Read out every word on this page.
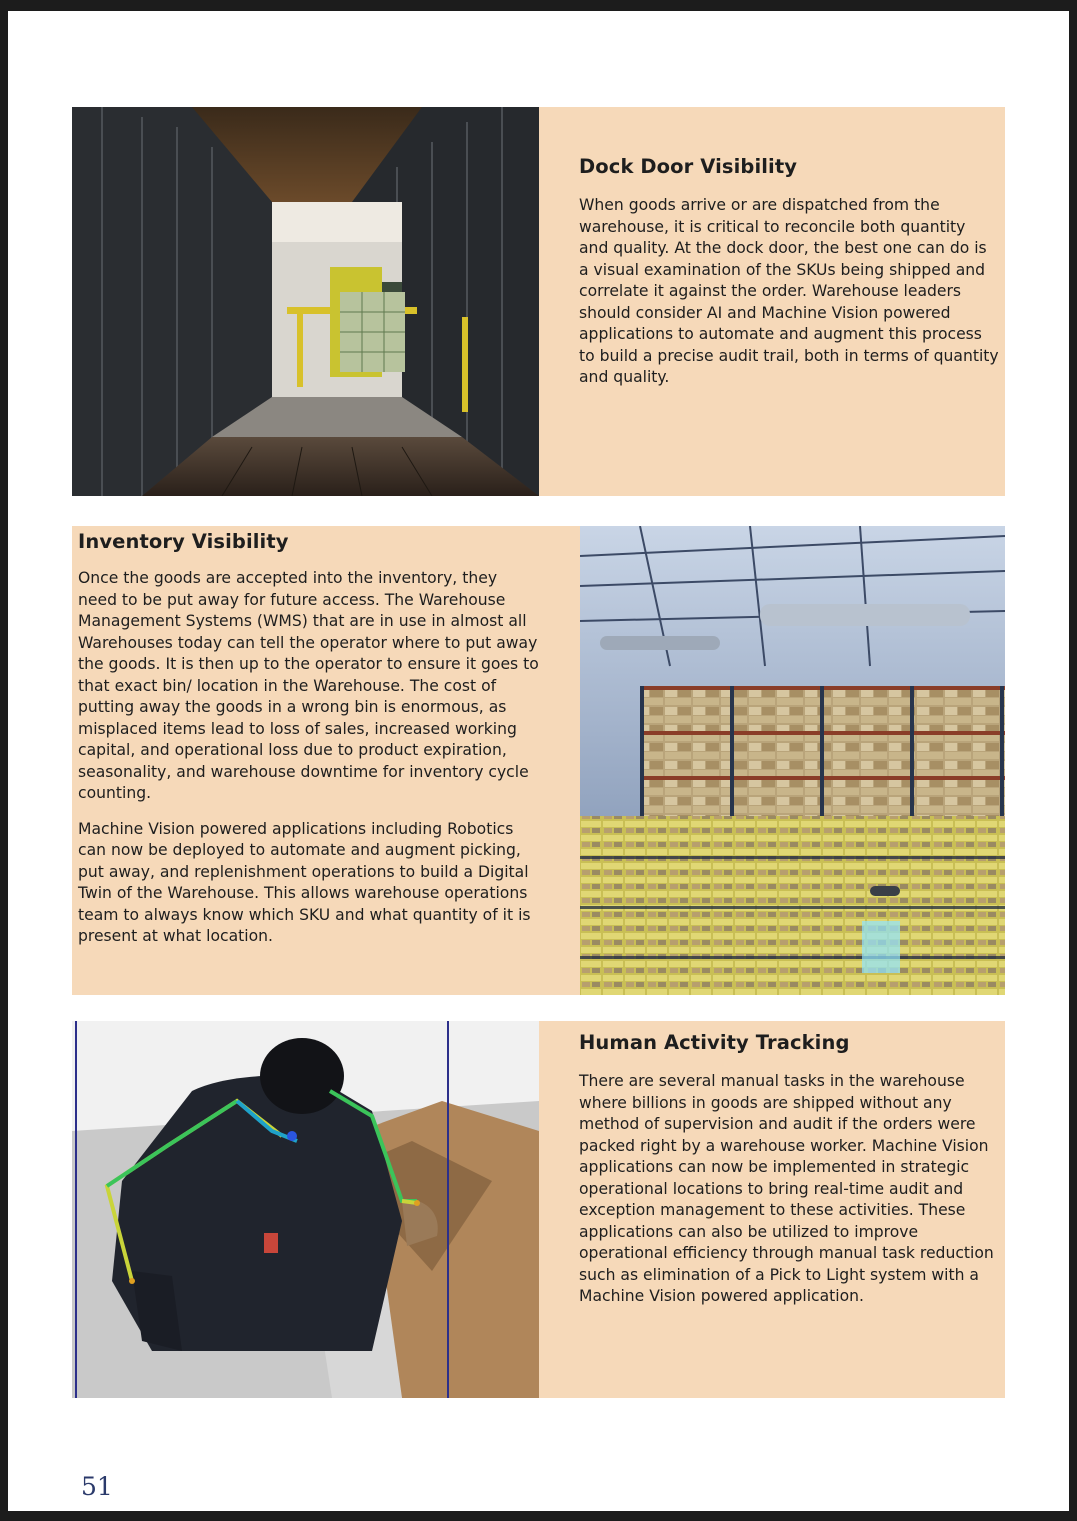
Dock Door Visibility

When goods arrive or are dispatched from the warehouse, it is critical to reconcile both quantity and quality. At the dock door, the best one can do is a visual examination of the SKUs being shipped and correlate it against the order. Warehouse leaders should consider AI and Machine Vision powered applications to automate and augment this process to build a precise audit trail, both in terms of quantity and quality.

Inventory Visibility

Once the goods are accepted into the inventory, they need to be put away for future access. The Warehouse Management Systems (WMS) that are in use in almost all Warehouses today can tell the operator where to put away the goods. It is then up to the operator to ensure it goes to that exact bin/ location in the Warehouse. The cost of putting away the goods in a wrong bin is enormous, as misplaced items lead to loss of sales, increased working capital, and operational loss due to product expiration, seasonality, and warehouse downtime for inventory cycle counting.

Machine Vision powered applications including Robotics can now be deployed to automate and augment picking, put away, and replenishment operations to build a Digital Twin of the Warehouse. This allows warehouse operations team to always know which SKU and what quantity of it is present at what location.

Human Activity Tracking

There are several manual tasks in the warehouse where billions in goods are shipped without any method of supervision and audit if the orders were packed right by a warehouse worker. Machine Vision applications can now be implemented in strategic operational locations to bring real-time audit and exception management to these activities. These applications can also be utilized to improve operational efficiency through manual task reduction such as elimination of a Pick to Light system with a Machine Vision powered application.

51
